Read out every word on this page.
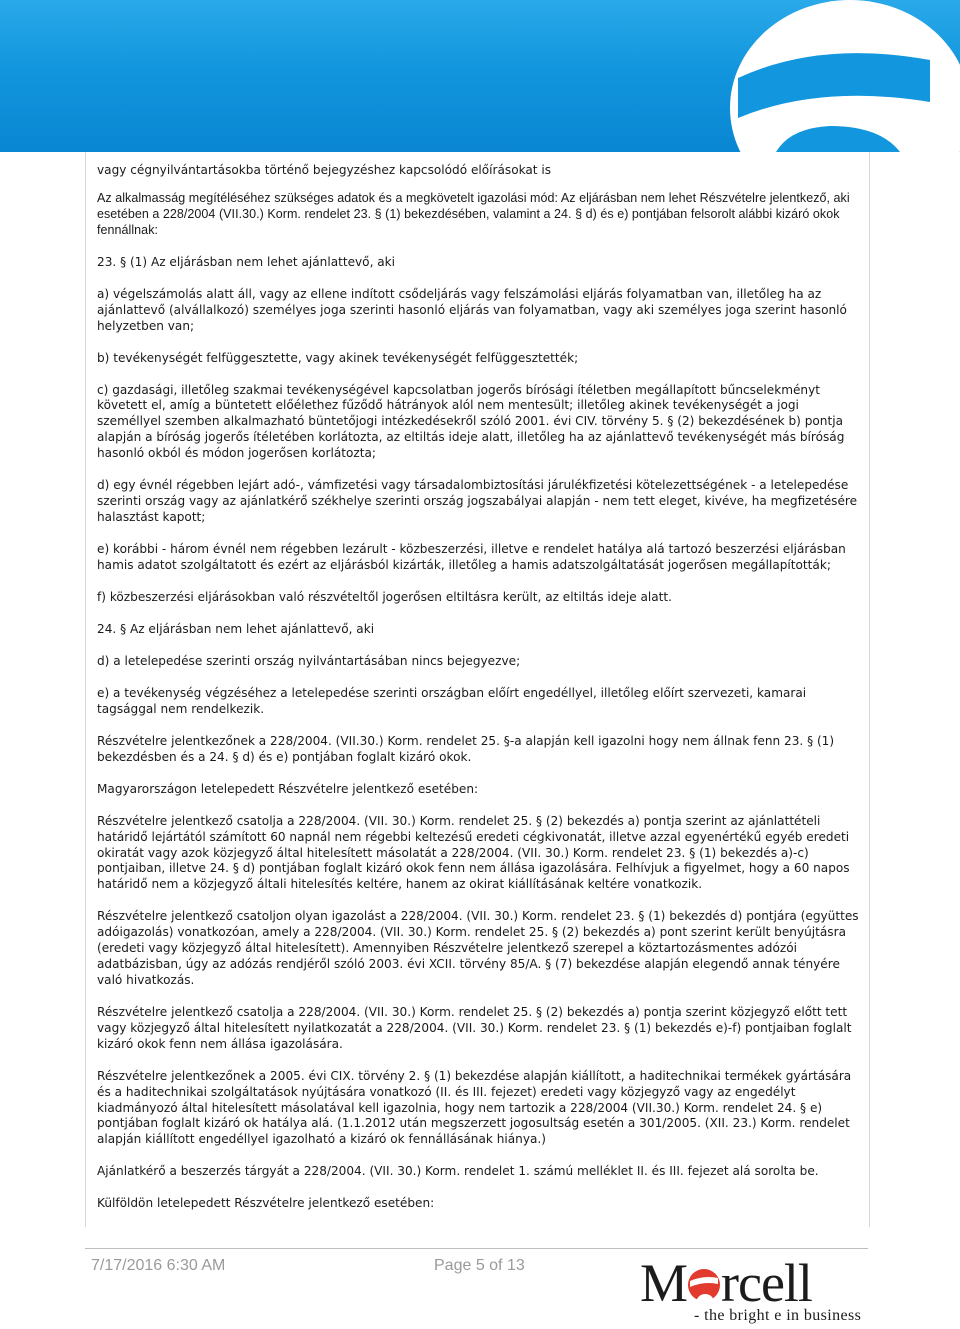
vagy cégnyilvántartásokba történő bejegyzéshez kapcsolódó előírásokat is

Az alkalmasság megítéléséhez szükséges adatok és a megkövetelt igazolási mód: Az eljárásban nem lehet Részvételre jelentkező, aki esetében a 228/2004 (VII.30.) Korm. rendelet 23. § (1) bekezdésében, valamint a 24. § d) és e) pontjában felsorolt alábbi kizáró okok fennállnak:

23. § (1) Az eljárásban nem lehet ajánlattevő, aki

a) végelszámolás alatt áll, vagy az ellene indított csődeljárás vagy felszámolási eljárás folyamatban van, illetőleg ha az ajánlattevő (alvállalkozó) személyes joga szerinti hasonló eljárás van folyamatban, vagy aki személyes joga szerint hasonló helyzetben van;

b) tevékenységét felfüggesztette, vagy akinek tevékenységét felfüggesztették;

c) gazdasági, illetőleg szakmai tevékenységével kapcsolatban jogerős bírósági ítéletben megállapított bűncselekményt követett el, amíg a büntetett előélethez fűződő hátrányok alól nem mentesült; illetőleg akinek tevékenységét a jogi személlyel szemben alkalmazható büntetőjogi intézkedésekről szóló 2001. évi CIV. törvény 5. § (2) bekezdésének b) pontja alapján a bíróság jogerős ítéletében korlátozta, az eltiltás ideje alatt, illetőleg ha az ajánlattevő tevékenységét más bíróság hasonló okból és módon jogerősen korlátozta;

d) egy évnél régebben lejárt adó-, vámfizetési vagy társadalombiztosítási járulékfizetési kötelezettségének - a letelepedése szerinti ország vagy az ajánlatkérő székhelye szerinti ország jogszabályai alapján - nem tett eleget, kivéve, ha megfizetésére halasztást kapott;

e) korábbi - három évnél nem régebben lezárult - közbeszerzési, illetve e rendelet hatálya alá tartozó beszerzési eljárásban hamis adatot szolgáltatott és ezért az eljárásból kizárták, illetőleg a hamis adatszolgáltatását jogerősen megállapították;

f) közbeszerzési eljárásokban való részvételtől jogerősen eltiltásra került, az eltiltás ideje alatt.

24. § Az eljárásban nem lehet ajánlattevő, aki

d) a letelepedése szerinti ország nyilvántartásában nincs bejegyezve;

e) a tevékenység végzéséhez a letelepedése szerinti országban előírt engedéllyel, illetőleg előírt szervezeti, kamarai tagsággal nem rendelkezik.

Részvételre jelentkezőnek a 228/2004. (VII.30.) Korm. rendelet 25. §-a alapján kell igazolni hogy nem állnak fenn 23. § (1) bekezdésben és a 24. § d) és e) pontjában foglalt kizáró okok.

Magyarországon letelepedett Részvételre jelentkező esetében:

Részvételre jelentkező csatolja a 228/2004. (VII. 30.) Korm. rendelet 25. § (2) bekezdés a) pontja szerint az ajánlattételi határidő lejártától számított 60 napnál nem régebbi keltezésű eredeti cégkivonatát, illetve azzal egyenértékű egyéb eredeti okiratát vagy azok közjegyző által hitelesített másolatát a 228/2004. (VII. 30.) Korm. rendelet 23. § (1) bekezdés a)-c) pontjaiban, illetve 24. § d) pontjában foglalt kizáró okok fenn nem állása igazolására. Felhívjuk a figyelmet, hogy a 60 napos határidő nem a közjegyző általi hitelesítés keltére, hanem az okirat kiállításának keltére vonatkozik.

Részvételre jelentkező csatoljon olyan igazolást a 228/2004. (VII. 30.) Korm. rendelet 23. § (1) bekezdés d) pontjára (együttes adóigazolás) vonatkozóan, amely a 228/2004. (VII. 30.) Korm. rendelet 25. § (2) bekezdés a) pont szerint került benyújtásra (eredeti vagy közjegyző által hitelesített). Amennyiben Részvételre jelentkező szerepel a köztartozásmentes adózói adatbázisban, úgy az adózás rendjéről szóló 2003. évi XCII. törvény 85/A. § (7) bekezdése alapján elegendő annak tényére való hivatkozás.

Részvételre jelentkező csatolja a 228/2004. (VII. 30.) Korm. rendelet 25. § (2) bekezdés a) pontja szerint közjegyző előtt tett vagy közjegyző által hitelesített nyilatkozatát a 228/2004. (VII. 30.) Korm. rendelet 23. § (1) bekezdés e)-f) pontjaiban foglalt kizáró okok fenn nem állása igazolására.

Részvételre jelentkezőnek a 2005. évi CIX. törvény 2. § (1) bekezdése alapján kiállított, a haditechnikai termékek gyártására és a haditechnikai szolgáltatások nyújtására vonatkozó (II. és III. fejezet) eredeti vagy közjegyző vagy az engedélyt kiadmányozó által hitelesített másolatával kell igazolnia, hogy nem tartozik a 228/2004 (VII.30.) Korm. rendelet 24. § e) pontjában foglalt kizáró ok hatálya alá. (1.1.2012 után megszerzett jogosultság esetén a 301/2005. (XII. 23.) Korm. rendelet alapján kiállított engedéllyel igazolható a kizáró ok fennállásának hiánya.)

Ajánlatkérő a beszerzés tárgyát a 228/2004. (VII. 30.) Korm. rendelet 1. számú melléklet II. és III. fejezet alá sorolta be.

Külföldön letelepedett Részvételre jelentkező esetében:

7/17/2016 6:30 AM	Page 5 of 13 M rcell
- the bright e in business
